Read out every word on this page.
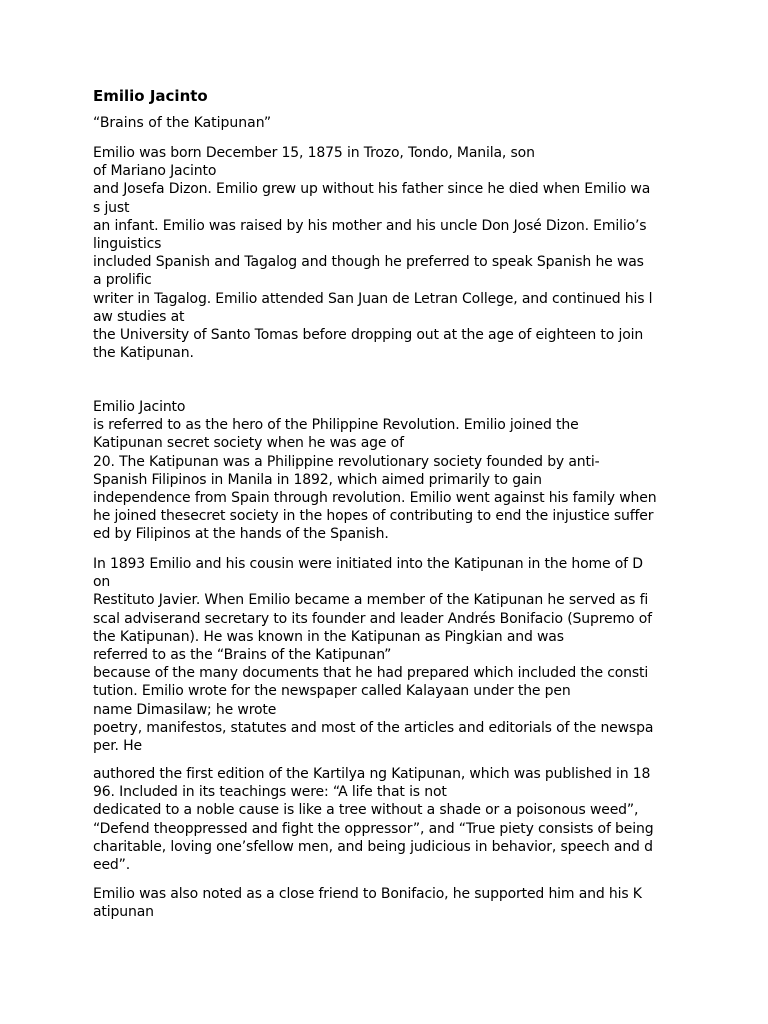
Emilio Jacinto
“Brains of the Katipunan”
Emilio was born December 15, 1875 in Trozo, Tondo, Manila, son
of Mariano Jacinto
and Josefa Dizon. Emilio grew up without his father since he died when Emilio wa
s just
an infant. Emilio was raised by his mother and his uncle Don José Dizon. Emilio’s
linguistics
included Spanish and Tagalog and though he preferred to speak Spanish he was
a prolific
writer in Tagalog. Emilio attended San Juan de Letran College, and continued his l
aw studies at
the University of Santo Tomas before dropping out at the age of eighteen to join
the Katipunan.
Emilio Jacinto
is referred to as the hero of the Philippine Revolution. Emilio joined the
Katipunan secret society when he was age of
20. The Katipunan was a Philippine revolutionary society founded by anti-
Spanish Filipinos in Manila in 1892, which aimed primarily to gain
independence from Spain through revolution. Emilio went against his family when
he joined thesecret society in the hopes of contributing to end the injustice suffer
ed by Filipinos at the hands of the Spanish.
In 1893 Emilio and his cousin were initiated into the Katipunan in the home of D
on
Restituto Javier. When Emilio became a member of the Katipunan he served as fi
scal adviserand secretary to its founder and leader Andrés Bonifacio (Supremo of
the Katipunan). He was known in the Katipunan as Pingkian and was
referred to as the “Brains of the Katipunan”
because of the many documents that he had prepared which included the consti
tution. Emilio wrote for the newspaper called Kalayaan under the pen
name Dimasilaw; he wrote
poetry, manifestos, statutes and most of the articles and editorials of the newspa
per. He
authored the first edition of the Kartilya ng Katipunan, which was published in 18
96. Included in its teachings were: “A life that is not
dedicated to a noble cause is like a tree without a shade or a poisonous weed”,
“Defend theoppressed and fight the oppressor”, and “True piety consists of being
charitable, loving one’sfellow men, and being judicious in behavior, speech and d
eed”.
Emilio was also noted as a close friend to Bonifacio, he supported him and his K
atipunan
